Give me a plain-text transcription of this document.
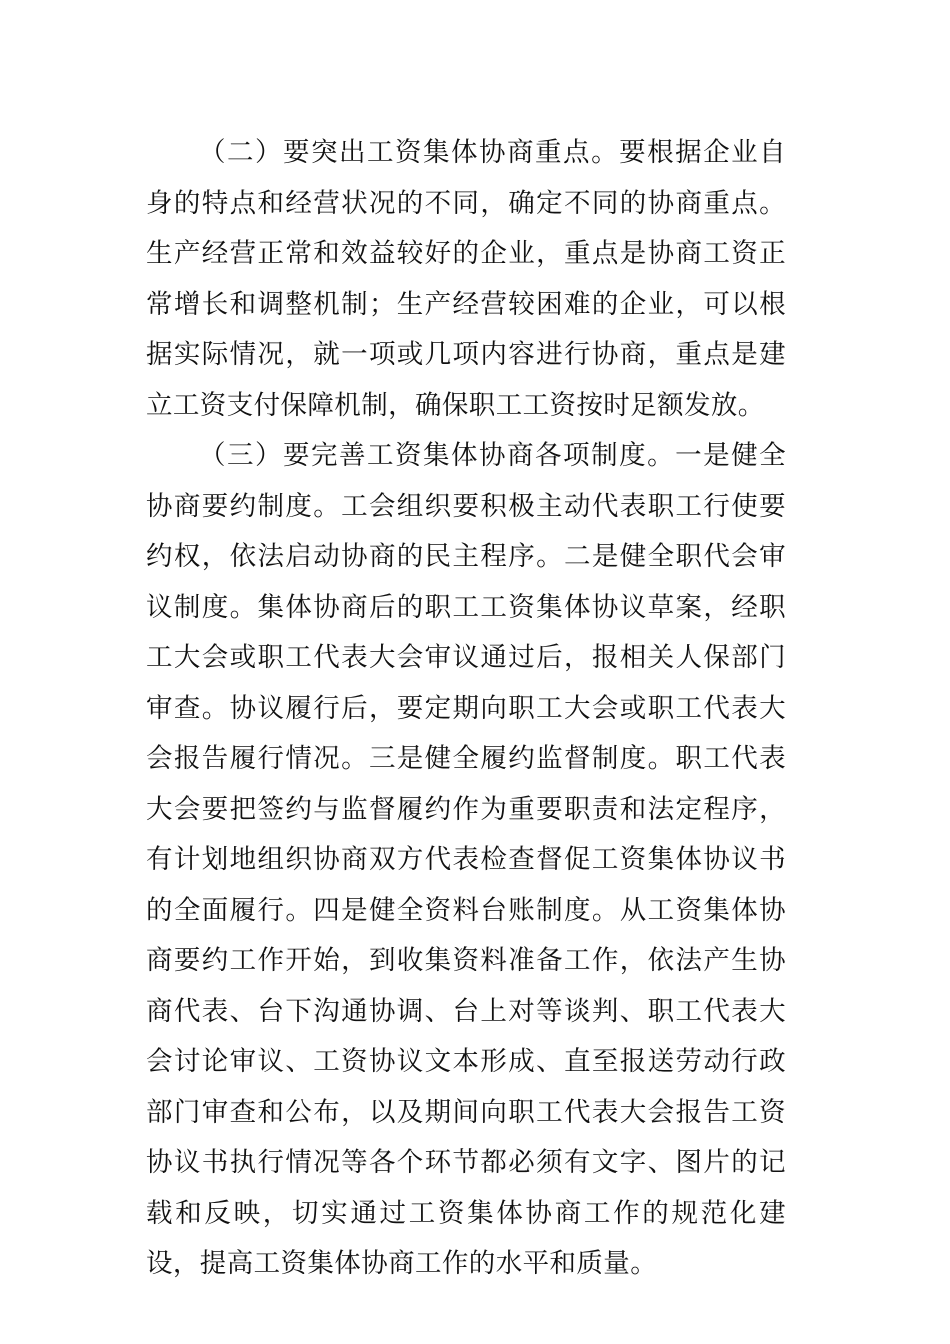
（二）要突出工资集体协商重点。要根据企业自身的特点和经营状况的不同，确定不同的协商重点。生产经营正常和效益较好的企业，重点是协商工资正常增长和调整机制；生产经营较困难的企业，可以根据实际情况，就一项或几项内容进行协商，重点是建立工资支付保障机制，确保职工工资按时足额发放。

（三）要完善工资集体协商各项制度。一是健全协商要约制度。工会组织要积极主动代表职工行使要约权，依法启动协商的民主程序。二是健全职代会审议制度。集体协商后的职工工资集体协议草案，经职工大会或职工代表大会审议通过后，报相关人保部门审查。协议履行后，要定期向职工大会或职工代表大会报告履行情况。三是健全履约监督制度。职工代表大会要把签约与监督履约作为重要职责和法定程序，有计划地组织协商双方代表检查督促工资集体协议书的全面履行。四是健全资料台账制度。从工资集体协商要约工作开始，到收集资料准备工作，依法产生协商代表、台下沟通协调、台上对等谈判、职工代表大会讨论审议、工资协议文本形成、直至报送劳动行政部门审查和公布，以及期间向职工代表大会报告工资协议书执行情况等各个环节都必须有文字、图片的记载和反映，切实通过工资集体协商工作的规范化建设，提高工资集体协商工作的水平和质量。
